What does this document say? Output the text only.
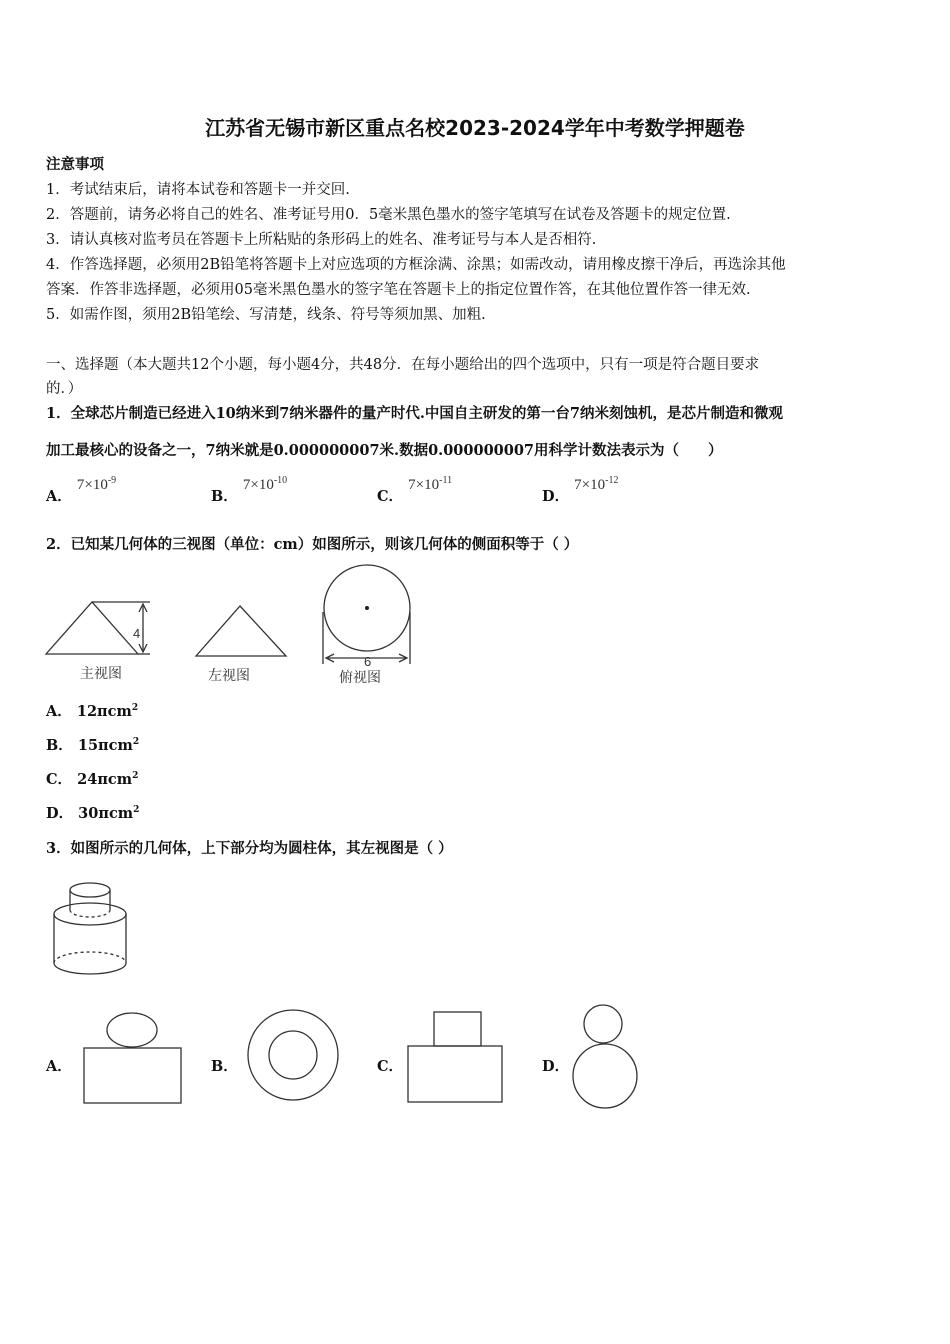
江苏省无锡市新区重点名校2023-2024学年中考数学押题卷
注意事项
1．考试结束后，请将本试卷和答题卡一并交回.
2．答题前，请务必将自己的姓名、准考证号用0．5毫米黑色墨水的签字笔填写在试卷及答题卡的规定位置.
3．请认真核对监考员在答题卡上所粘贴的条形码上的姓名、准考证号与本人是否相符.
4．作答选择题，必须用2B铅笔将答题卡上对应选项的方框涂满、涂黑；如需改动，请用橡皮擦干净后，再选涂其他
答案．作答非选择题，必须用05毫米黑色墨水的签字笔在答题卡上的指定位置作答，在其他位置作答一律无效.
5．如需作图，须用2B铅笔绘、写清楚，线条、符号等须加黑、加粗.
一、选择题（本大题共12个小题，每小题4分，共48分．在每小题给出的四个选项中，只有一项是符合题目要求
的．）
1．全球芯片制造已经进入10纳米到7纳米器件的量产时代.中国自主研发的第一台7纳米刻蚀机，是芯片制造和微观
加工最核心的设备之一，7纳米就是0.000000007米.数据0.000000007用科学计数法表示为（　　）
A． $7\times 10^{-9}$
B． $7\times 10^{-10}$
C． $7\times 10^{-11}$
D． $7\times 10^{-12}$
2．已知某几何体的三视图（单位：cm）如图所示，则该几何体的侧面积等于（ ）
4
主视图	左视图
6
俯视图
A． 12πcm$^2$
B． 15πcm$^2$
C． 24πcm$^2$
D． 30πcm$^2$
3．如图所示的几何体，上下部分均为圆柱体，其左视图是（ ）
A．	B．	C．	D．
